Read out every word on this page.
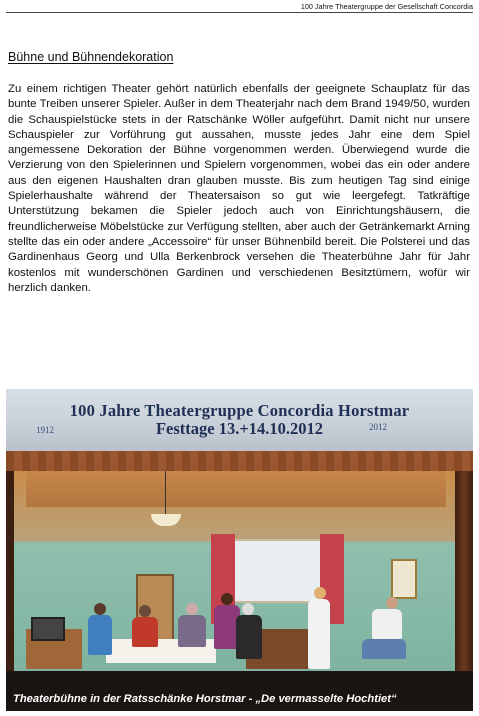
100 Jahre Theatergruppe der Gesellschaft Concordia
Bühne und Bühnendekoration

Zu einem richtigen Theater gehört natürlich ebenfalls der geeignete Schauplatz für das bunte Treiben unserer Spieler. Außer in dem Theaterjahr nach dem Brand 1949/50, wurden die Schauspielstücke stets in der Ratschänke Wöller aufgeführt. Damit nicht nur unsere Schauspieler zur Vorführung gut aussahen, musste jedes Jahr eine dem Spiel angemessene Dekoration der Bühne vorgenommen werden. Überwiegend wurde die Verzierung von den Spielerinnen und Spielern vorgenommen, wobei das ein oder andere aus den eigenen Haushalten dran glauben musste. Bis zum heutigen Tag sind einige Spielerhaushalte während der Theatersaison so gut wie leergefegt. Tatkräftige Unterstützung bekamen die Spieler jedoch auch von Einrichtungshäusern, die freundlicherweise Möbelstücke zur Verfügung stellten, aber auch der Getränkemarkt Arning stellte das ein oder andere „Accessoire“ für unser Bühnenbild bereit. Die Polsterei und das Gardinenhaus Georg und Ulla Berkenbrock versehen die Theaterbühne Jahr für Jahr kostenlos mit wunderschönen Gardinen und verschiedenen Besitztümern, wofür wir herzlich danken.

100 Jahre Theatergruppe Concordia Horstmar
1912	Festtage 13.+14.10.2012	2012
Theaterbühne in der Ratsschänke Horstmar - „De vermasselte Hochtiet“
